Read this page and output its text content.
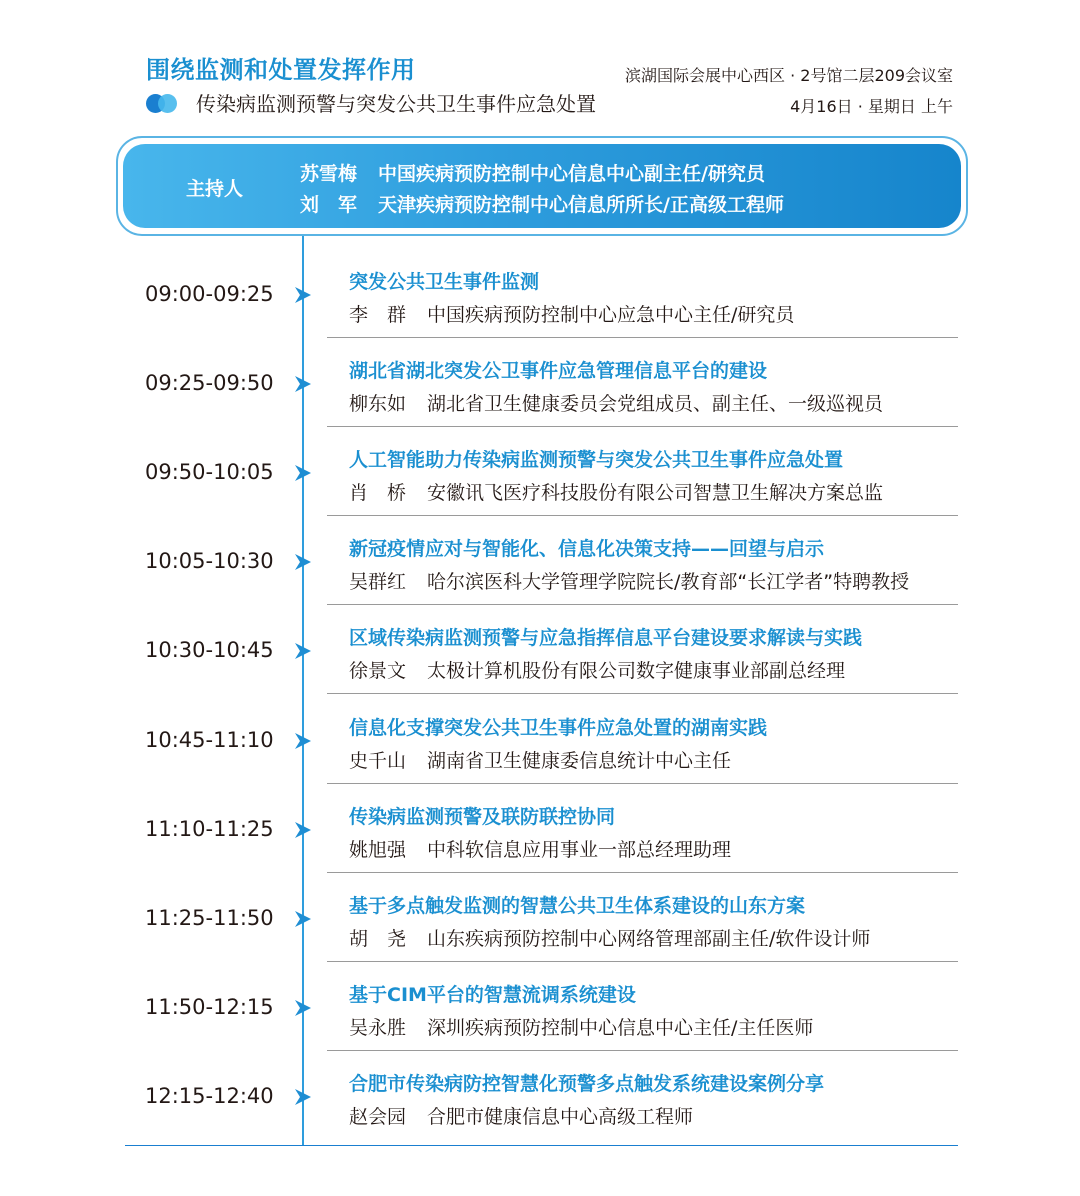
围绕监测和处置发挥作用
传染病监测预警与突发公共卫生事件应急处置
滨湖国际会展中心西区 · 2号馆二层209会议室
4月16日 · 星期日 上午
主持人
苏雪梅 中国疾病预防控制中心信息中心副主任/研究员
刘　军 天津疾病预防控制中心信息所所长/正高级工程师
09:00-09:25	突发公共卫生事件监测
李　群 中国疾病预防控制中心应急中心主任/研究员
09:25-09:50	湖北省湖北突发公卫事件应急管理信息平台的建设
柳东如 湖北省卫生健康委员会党组成员、副主任、一级巡视员
09:50-10:05	人工智能助力传染病监测预警与突发公共卫生事件应急处置
肖　桥 安徽讯飞医疗科技股份有限公司智慧卫生解决方案总监
10:05-10:30	新冠疫情应对与智能化、信息化决策支持——回望与启示
吴群红 哈尔滨医科大学管理学院院长/教育部“长江学者”特聘教授
10:30-10:45	区域传染病监测预警与应急指挥信息平台建设要求解读与实践
徐景文 太极计算机股份有限公司数字健康事业部副总经理
10:45-11:10	信息化支撑突发公共卫生事件应急处置的湖南实践
史千山 湖南省卫生健康委信息统计中心主任
11:10-11:25	传染病监测预警及联防联控协同
姚旭强 中科软信息应用事业一部总经理助理
11:25-11:50	基于多点触发监测的智慧公共卫生体系建设的山东方案
胡　尧 山东疾病预防控制中心网络管理部副主任/软件设计师
11:50-12:15	基于CIM平台的智慧流调系统建设
吴永胜 深圳疾病预防控制中心信息中心主任/主任医师
12:15-12:40	合肥市传染病防控智慧化预警多点触发系统建设案例分享
赵会园 合肥市健康信息中心高级工程师
